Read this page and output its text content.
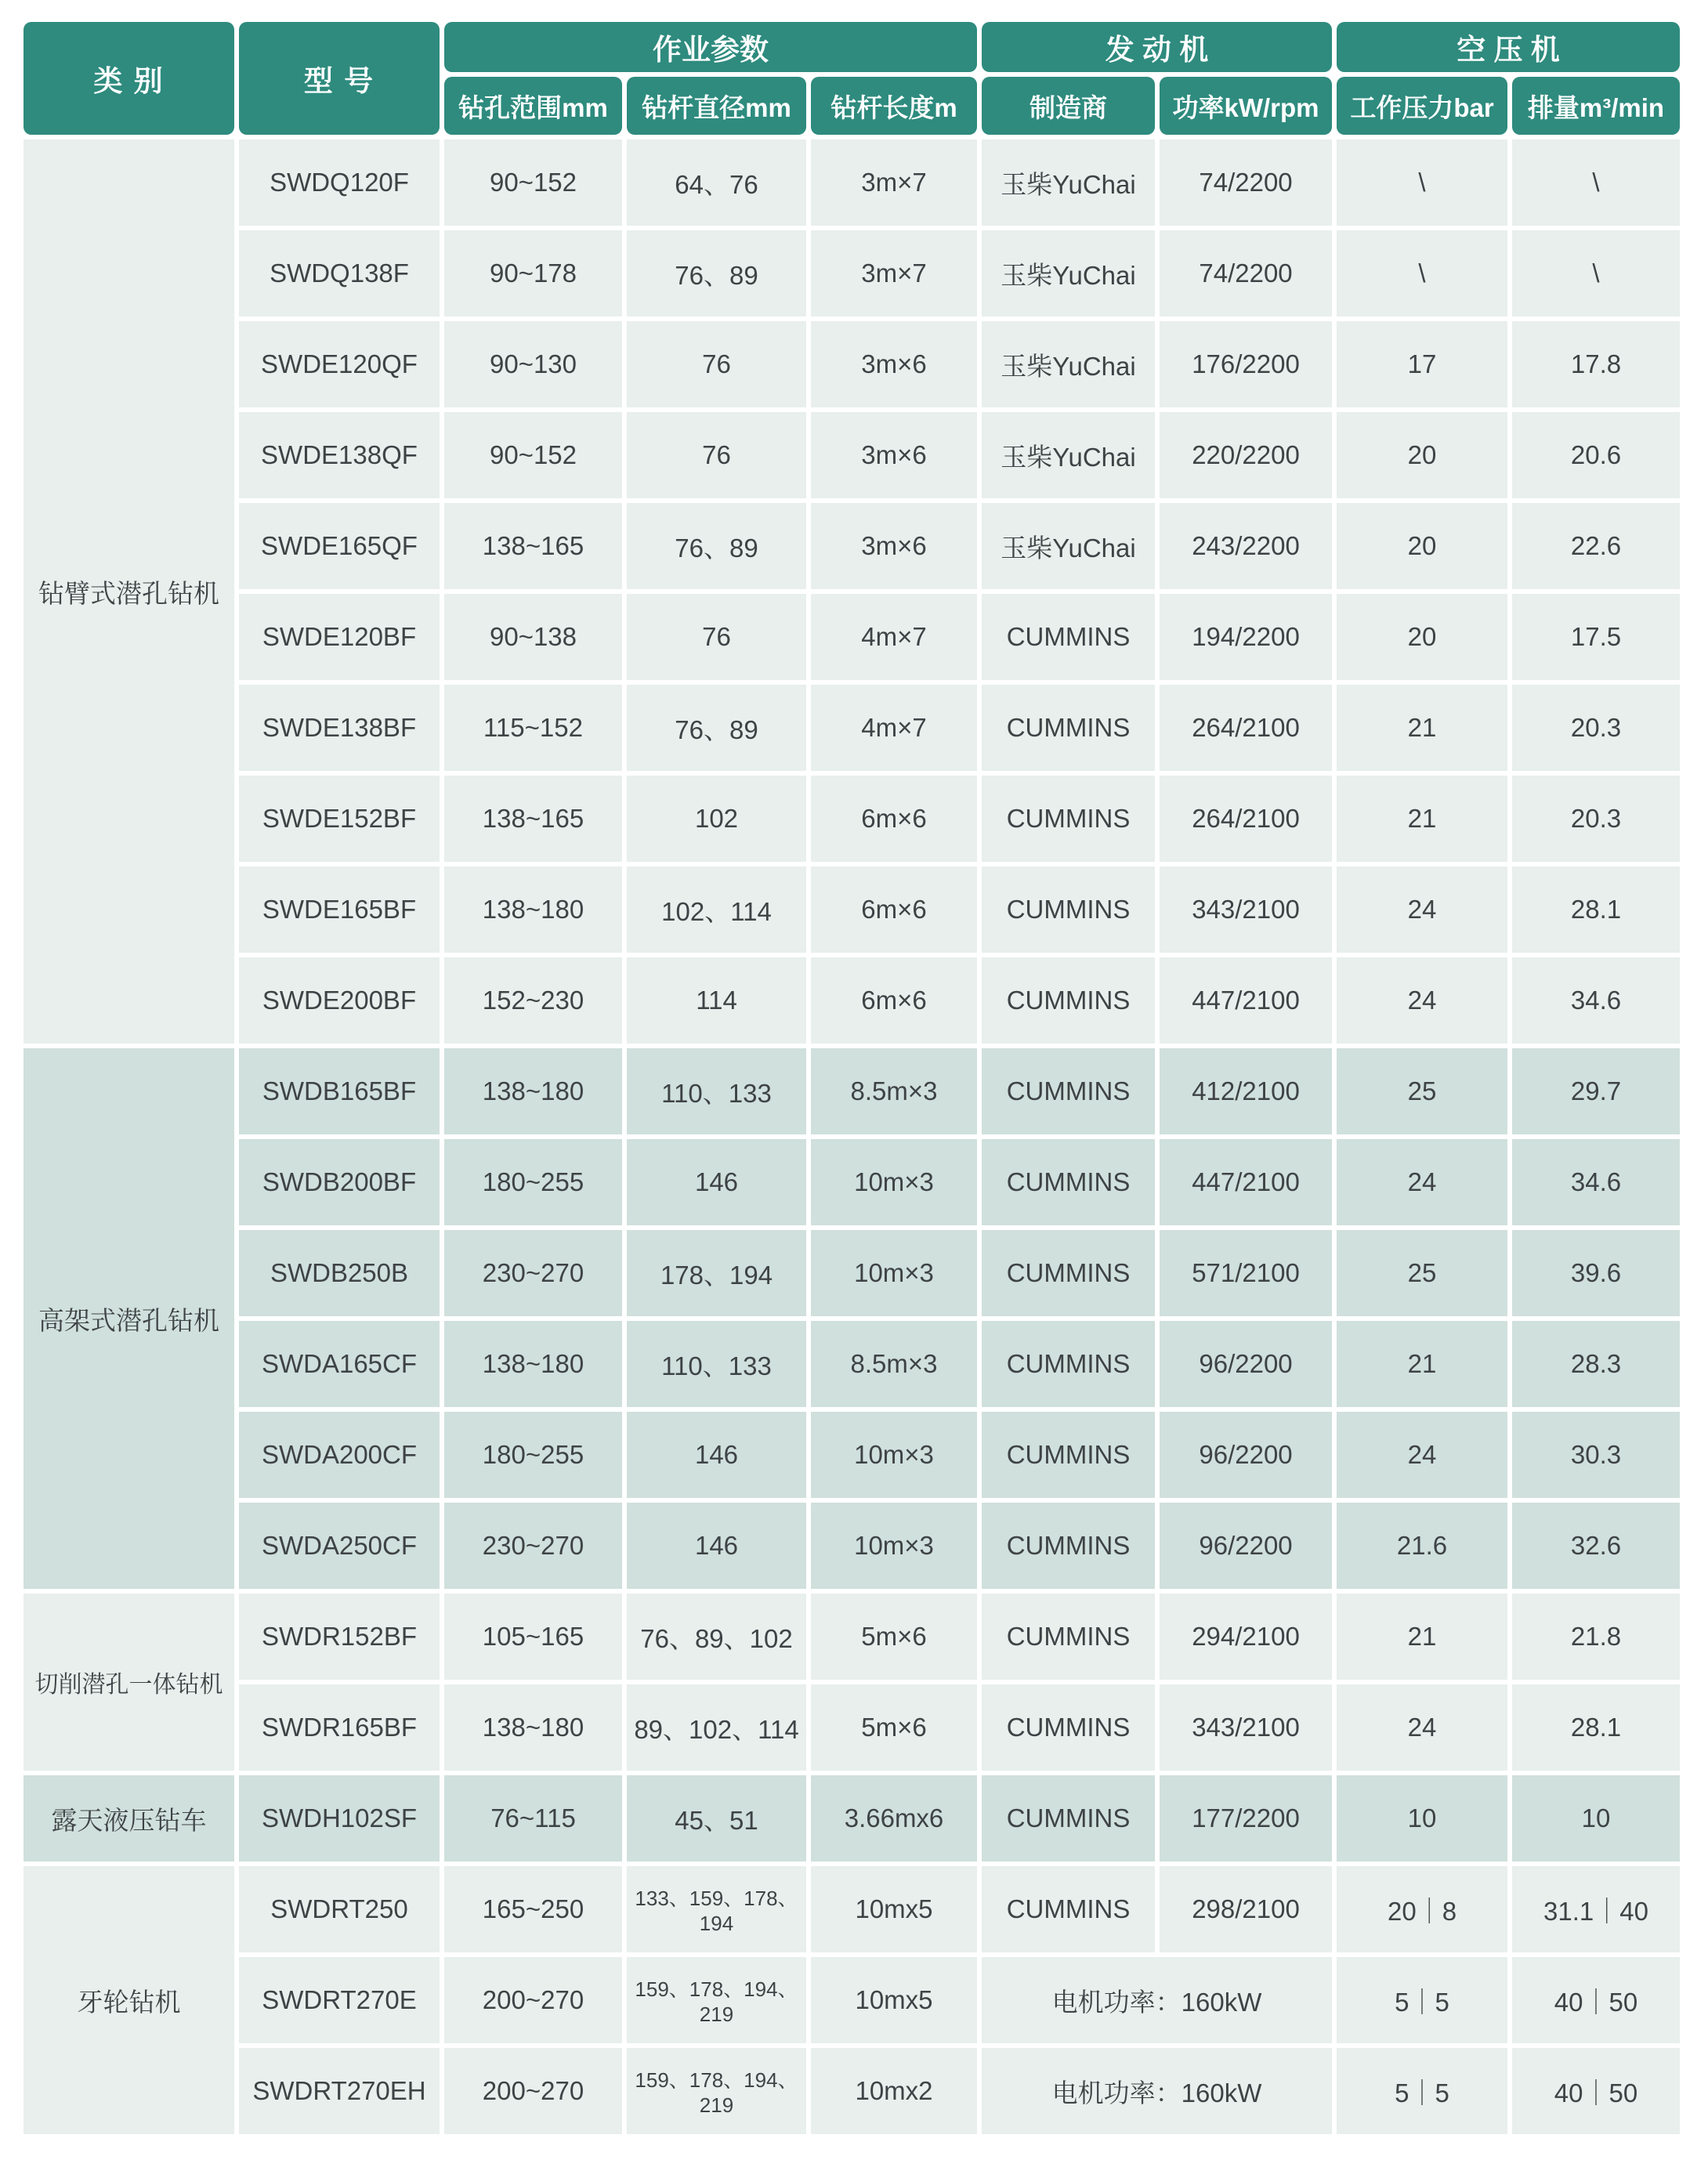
类 别	型 号	作业参数			发 动 机		空 压 机	
		钻孔范围mm	钻杆直径mm	钻杆长度m	制造商	功率kW/rpm	工作压力bar	排量m³/min
钻臂式潜孔钻机	SWDQ120F	90~152	64、76	3m×7	玉柴YuChai	74/2200	\	\
	SWDQ138F	90~178	76、89	3m×7	玉柴YuChai	74/2200	\	\
	SWDE120QF	90~130	76	3m×6	玉柴YuChai	176/2200	17	17.8
	SWDE138QF	90~152	76	3m×6	玉柴YuChai	220/2200	20	20.6
	SWDE165QF	138~165	76、89	3m×6	玉柴YuChai	243/2200	20	22.6
	SWDE120BF	90~138	76	4m×7	CUMMINS	194/2200	20	17.5
	SWDE138BF	115~152	76、89	4m×7	CUMMINS	264/2100	21	20.3
	SWDE152BF	138~165	102	6m×6	CUMMINS	264/2100	21	20.3
	SWDE165BF	138~180	102、114	6m×6	CUMMINS	343/2100	24	28.1
	SWDE200BF	152~230	114	6m×6	CUMMINS	447/2100	24	34.6
高架式潜孔钻机	SWDB165BF	138~180	110、133	8.5m×3	CUMMINS	412/2100	25	29.7
	SWDB200BF	180~255	146	10m×3	CUMMINS	447/2100	24	34.6
	SWDB250B	230~270	178、194	10m×3	CUMMINS	571/2100	25	39.6
	SWDA165CF	138~180	110、133	8.5m×3	CUMMINS	96/2200	21	28.3
	SWDA200CF	180~255	146	10m×3	CUMMINS	96/2200	24	30.3
	SWDA250CF	230~270	146	10m×3	CUMMINS	96/2200	21.6	32.6
切削潜孔一体钻机	SWDR152BF	105~165	76、89、102	5m×6	CUMMINS	294/2100	21	21.8
	SWDR165BF	138~180	89、102、114	5m×6	CUMMINS	343/2100	24	28.1
露天液压钻车	SWDH102SF	76~115	45、51	3.66mx6	CUMMINS	177/2200	10	10
牙轮钻机	SWDRT250	165~250	133、159、178、194	10mx5	CUMMINS	298/2100	20｜8	31.1｜40
	SWDRT270E	200~270	159、178、194、219	10mx5	电机功率：160kW		5｜5	40｜50
	SWDRT270EH	200~270	159、178、194、219	10mx2	电机功率：160kW		5｜5	40｜50
